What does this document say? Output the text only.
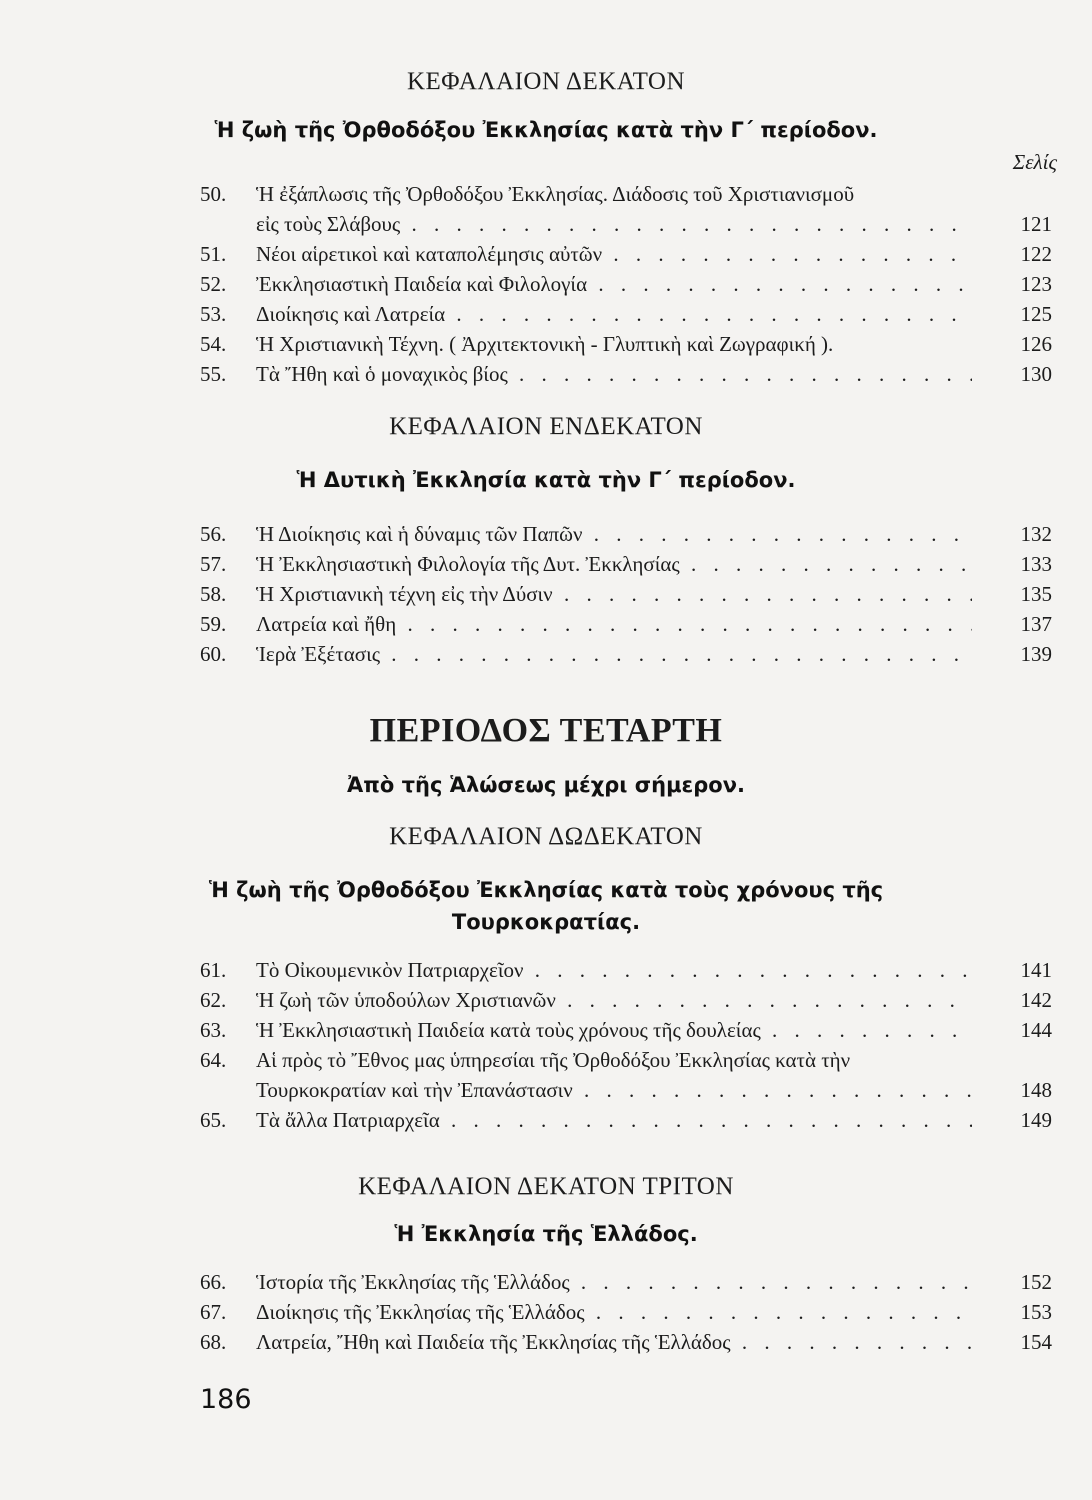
ΚΕΦΑΛΑΙΟΝ ΔΕΚΑΤΟΝ
Ἡ ζωὴ τῆς Ὀρθοδόξου Ἐκκλησίας κατὰ τὴν Γ΄ περίοδον.
Σελίς
50. Ἡ ἐξάπλωσις τῆς Ὀρθοδόξου Ἐκκλησίας. Διάδοσις τοῦ Χριστιανισμοῦ
εἰς τοὺς Σλάβους . . .	121
51. Νέοι αἱρετικοὶ καὶ καταπολέμησις αὐτῶν . . .	122
52. Ἐκκλησιαστικὴ Παιδεία καὶ Φιλολογία . . .	123
53. Διοίκησις καὶ Λατρεία . . .	125
54. Ἡ Χριστιανικὴ Τέχνη. ( Ἀρχιτεκτονικὴ - Γλυπτικὴ καὶ Ζωγραφική ).	126
55. Τὰ Ἤθη καὶ ὁ μοναχικὸς βίος . . .	130
ΚΕΦΑΛΑΙΟΝ ΕΝΔΕΚΑΤΟΝ
Ἡ Δυτικὴ Ἐκκλησία κατὰ τὴν Γ΄ περίοδον.
56. Ἡ Διοίκησις καὶ ἡ δύναμις τῶν Παπῶν . . .	132
57. Ἡ Ἐκκλησιαστικὴ Φιλολογία τῆς Δυτ. Ἐκκλησίας . . .	133
58. Ἡ Χριστιανικὴ τέχνη εἰς τὴν Δύσιν . . .	135
59. Λατρεία καὶ ἤθη . . .	137
60. Ἱερὰ Ἐξέτασις . . .	139
ΠΕΡΙΟΔΟΣ ΤΕΤΑΡΤΗ
Ἀπὸ τῆς Ἁλώσεως μέχρι σήμερον.
ΚΕΦΑΛΑΙΟΝ ΔΩΔΕΚΑΤΟΝ
Ἡ ζωὴ τῆς Ὀρθοδόξου Ἐκκλησίας κατὰ τοὺς χρόνους τῆς
Τουρκοκρατίας.
61. Τὸ Οἰκουμενικὸν Πατριαρχεῖον . . .	141
62. Ἡ ζωὴ τῶν ὑποδούλων Χριστιανῶν . . .	142
63. Ἡ Ἐκκλησιαστικὴ Παιδεία κατὰ τοὺς χρόνους τῆς δουλείας . . .	144
64. Αἱ πρὸς τὸ Ἔθνος μας ὑπηρεσίαι τῆς Ὀρθοδόξου Ἐκκλησίας κατὰ τὴν
Τουρκοκρατίαν καὶ τὴν Ἐπανάστασιν . . .	148
65. Τὰ ἄλλα Πατριαρχεῖα . . .	149
ΚΕΦΑΛΑΙΟΝ ΔΕΚΑΤΟΝ ΤΡΙΤΟΝ
Ἡ Ἐκκλησία τῆς Ἑλλάδος.
66. Ἱστορία τῆς Ἐκκλησίας τῆς Ἑλλάδος . . .	152
67. Διοίκησις τῆς Ἐκκλησίας τῆς Ἑλλάδος . . .	153
68. Λατρεία, Ἤθη καὶ Παιδεία τῆς Ἐκκλησίας τῆς Ἑλλάδος . . .	154
186
